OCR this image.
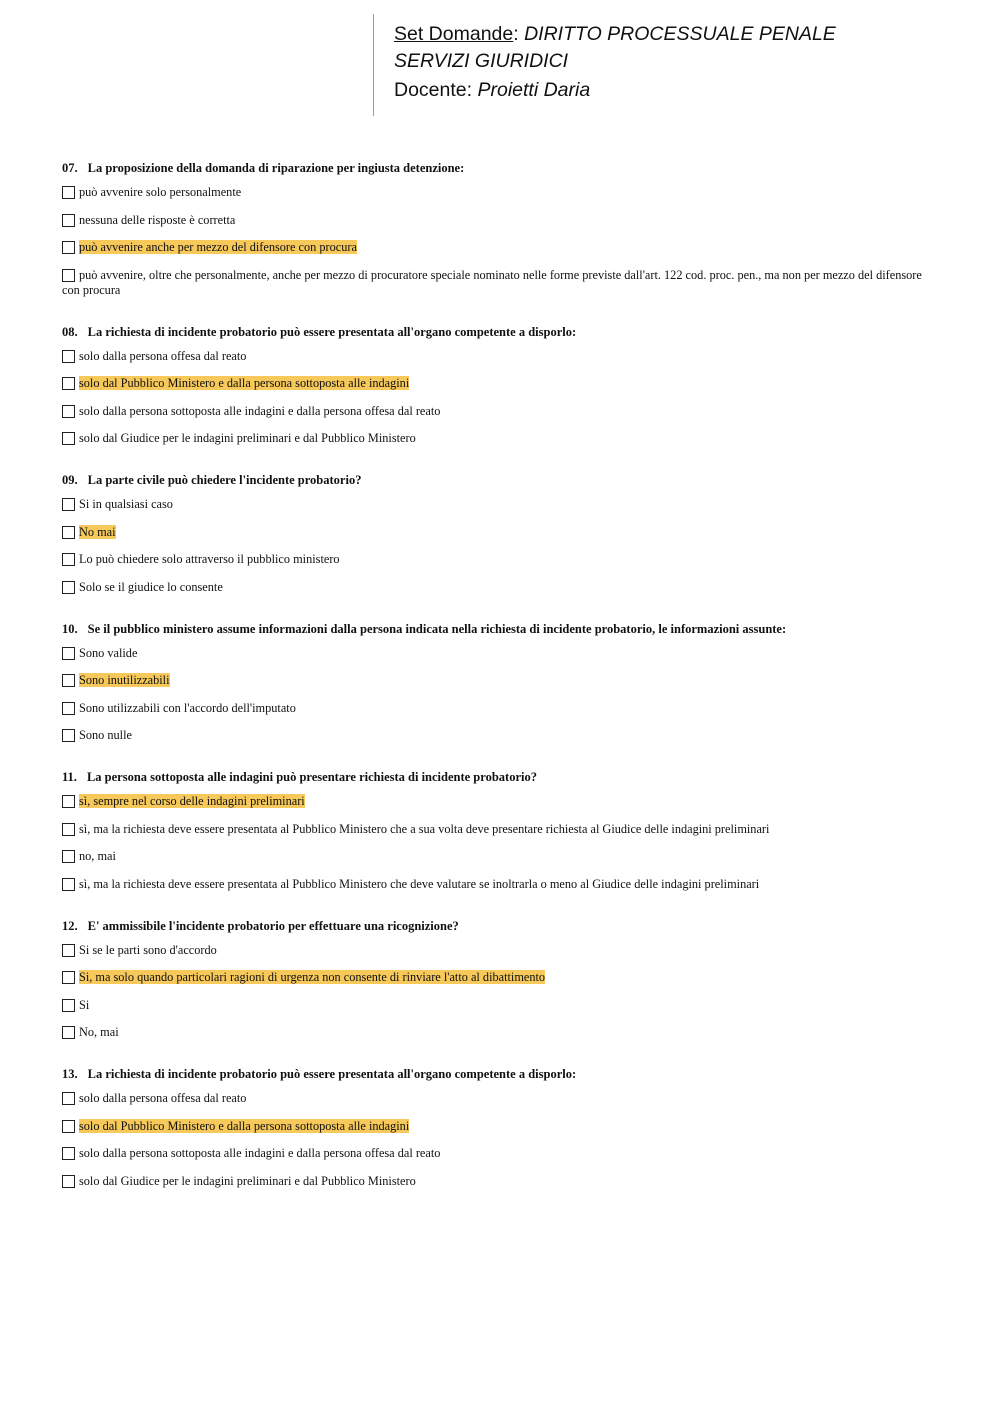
Set Domande: DIRITTO PROCESSUALE PENALE
SERVIZI GIURIDICI
Docente: Proietti Daria
07. La proposizione della domanda di riparazione per ingiusta detenzione:
può avvenire solo personalmente
nessuna delle risposte è corretta
può avvenire anche per mezzo del difensore con procura
può avvenire, oltre che personalmente, anche per mezzo di procuratore speciale nominato nelle forme previste dall'art. 122 cod. proc. pen., ma non per mezzo del difensore con procura
08. La richiesta di incidente probatorio può essere presentata all'organo competente a disporlo:
solo dalla persona offesa dal reato
solo dal Pubblico Ministero e dalla persona sottoposta alle indagini
solo dalla persona sottoposta alle indagini e dalla persona offesa dal reato
solo dal Giudice per le indagini preliminari e dal Pubblico Ministero
09. La parte civile può chiedere l'incidente probatorio?
Si in qualsiasi caso
No mai
Lo può chiedere solo attraverso il pubblico ministero
Solo se il giudice lo consente
10. Se il pubblico ministero assume informazioni dalla persona indicata nella richiesta di incidente probatorio, le informazioni assunte:
Sono valide
Sono inutilizzabili
Sono utilizzabili con l'accordo dell'imputato
Sono nulle
11. La persona sottoposta alle indagini può presentare richiesta di incidente probatorio?
sì, sempre nel corso delle indagini preliminari
sì, ma la richiesta deve essere presentata al Pubblico Ministero che a sua volta deve presentare richiesta al Giudice delle indagini preliminari
no, mai
sì, ma la richiesta deve essere presentata al Pubblico Ministero che deve valutare se inoltrarla o meno al Giudice delle indagini preliminari
12. E' ammissibile l'incidente probatorio per effettuare una ricognizione?
Si se le parti sono d'accordo
Si, ma solo quando particolari ragioni di urgenza non consente di rinviare l'atto al dibattimento
Si
No, mai
13. La richiesta di incidente probatorio può essere presentata all'organo competente a disporlo:
solo dalla persona offesa dal reato
solo dal Pubblico Ministero e dalla persona sottoposta alle indagini
solo dalla persona sottoposta alle indagini e dalla persona offesa dal reato
solo dal Giudice per le indagini preliminari e dal Pubblico Ministero
